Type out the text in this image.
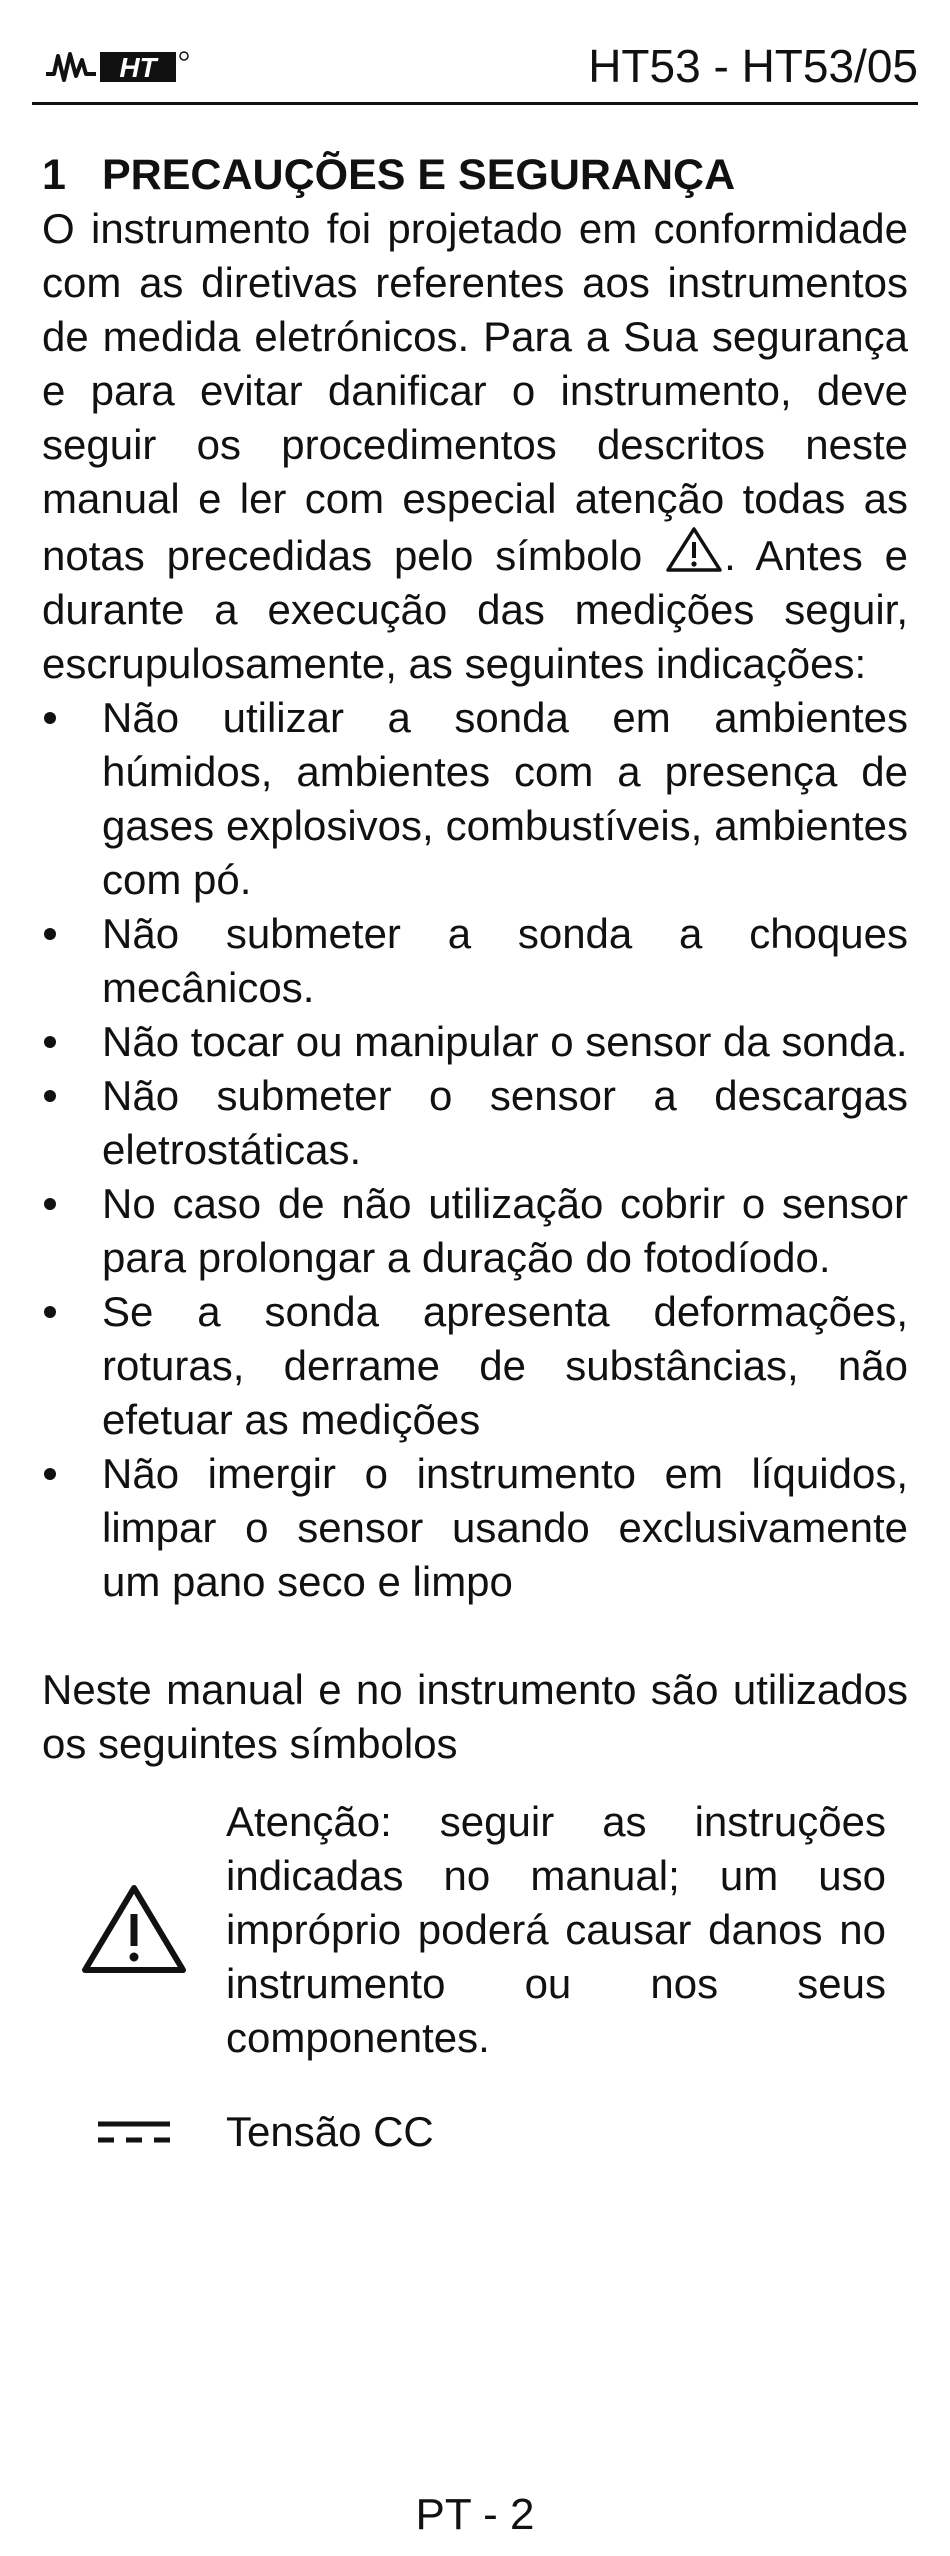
HT	HT53 - HT53/05
1 PRECAUÇÕES E SEGURANÇA

O instrumento foi projetado em conformidade com as diretivas referentes aos instrumentos de medida eletrónicos. Para a Sua segurança e para evitar danificar o instrumento, deve seguir os procedimentos descritos neste manual e ler com especial atenção todas as notas precedidas pelo símbolo . Antes e durante a execução das medições seguir, escrupulosamente, as seguintes indicações:

Não utilizar a sonda em ambientes húmidos, ambientes com a presença de gases explosivos, combustíveis, ambientes com pó.
Não submeter a sonda a choques mecânicos.
Não tocar ou manipular o sensor da sonda.
Não submeter o sensor a descargas eletrostáticas.
No caso de não utilização cobrir o sensor para prolongar a duração do fotodíodo.
Se a sonda apresenta deformações, roturas, derrame de substâncias, não efetuar as medições
Não imergir o instrumento em líquidos, limpar o sensor usando exclusivamente um pano seco e limpo

Neste manual e no instrumento são utilizados os seguintes símbolos

Atenção: seguir as instruções indicadas no manual; um uso impróprio poderá causar danos no instrumento ou nos seus componentes.
Tensão CC
PT - 2
